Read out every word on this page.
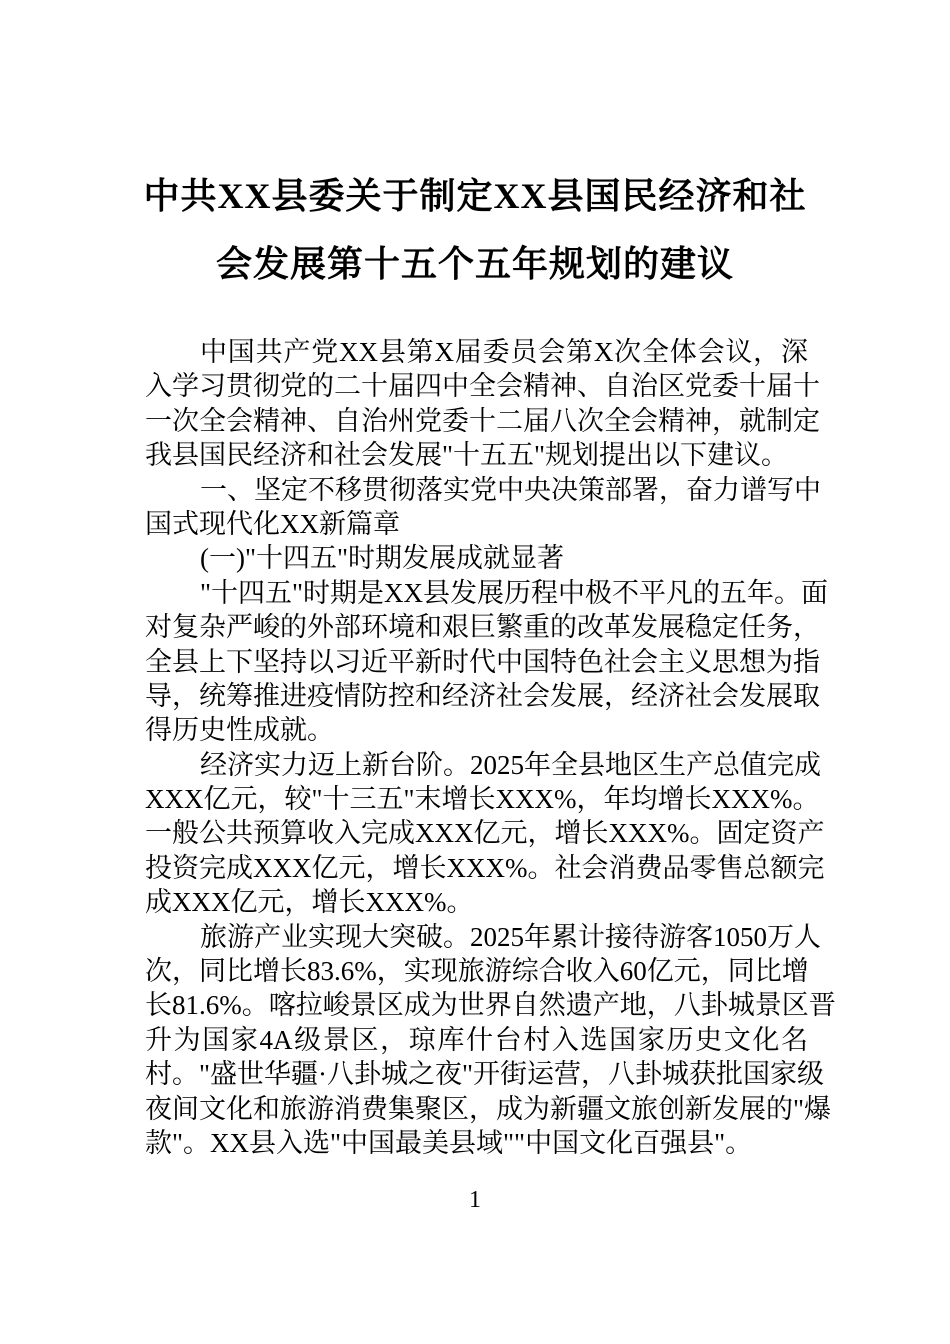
中共XX县委关于制定XX县国民经济和社
会发展第十五个五年规划的建议
中国共产党XX县第X届委员会第X次全体会议，深
入学习贯彻党的二十届四中全会精神、自治区党委十届十
一次全会精神、自治州党委十二届八次全会精神，就制定
我县国民经济和社会发展"十五五"规划提出以下建议。
一、坚定不移贯彻落实党中央决策部署，奋力谱写中
国式现代化XX新篇章
(一)"十四五"时期发展成就显著
"十四五"时期是XX县发展历程中极不平凡的五年。面
对复杂严峻的外部环境和艰巨繁重的改革发展稳定任务，
全县上下坚持以习近平新时代中国特色社会主义思想为指
导，统筹推进疫情防控和经济社会发展，经济社会发展取
得历史性成就。
经济实力迈上新台阶。2025年全县地区生产总值完成
XXX亿元，较"十三五"末增长XXX%，年均增长XXX%。
一般公共预算收入完成XXX亿元，增长XXX%。固定资产
投资完成XXX亿元，增长XXX%。社会消费品零售总额完
成XXX亿元，增长XXX%。
旅游产业实现大突破。2025年累计接待游客1050万人
次，同比增长83.6%，实现旅游综合收入60亿元，同比增
长81.6%。喀拉峻景区成为世界自然遗产地，八卦城景区晋
升为国家4A级景区，琼库什台村入选国家历史文化名
村。"盛世华疆·八卦城之夜"开街运营，八卦城获批国家级
夜间文化和旅游消费集聚区，成为新疆文旅创新发展的"爆
款"。XX县入选"中国最美县域""中国文化百强县"。
1
